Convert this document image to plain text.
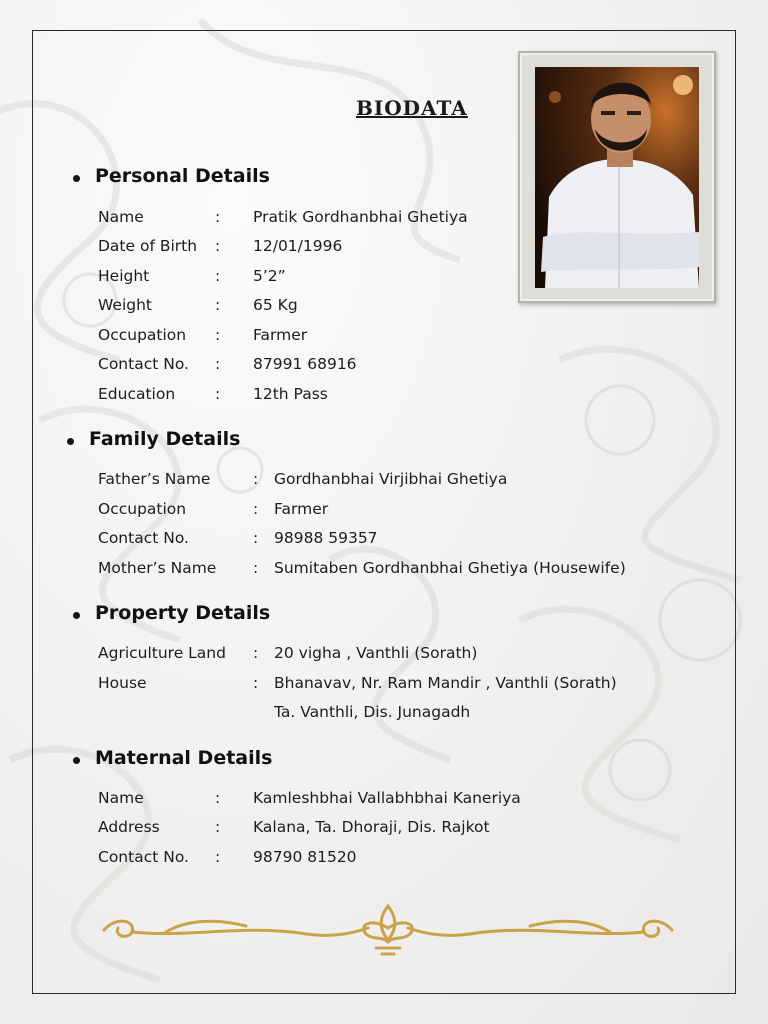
BIODATA
Personal Details
Name	: Pratik Gordhanbhai Ghetiya
Date of Birth : 12/01/1996
Height	: 5’2”
Weight	: 65 Kg
Occupation : Farmer
Contact No. : 87991 68916
Education	: 12th Pass
Family Details
Father’s Name	: Gordhanbhai Virjibhai Ghetiya
Occupation	: Farmer
Contact No.	: 98988 59357
Mother’s Name : Sumitaben Gordhanbhai Ghetiya (Housewife)
Property Details
Agriculture Land : 20 vigha , Vanthli (Sorath)
House	: Bhanavav, Nr. Ram Mandir , Vanthli (Sorath)
Ta. Vanthli, Dis. Junagadh
Maternal Details
Name	: Kamleshbhai Vallabhbhai Kaneriya
Address	: Kalana, Ta. Dhoraji, Dis. Rajkot
Contact No. : 98790 81520
